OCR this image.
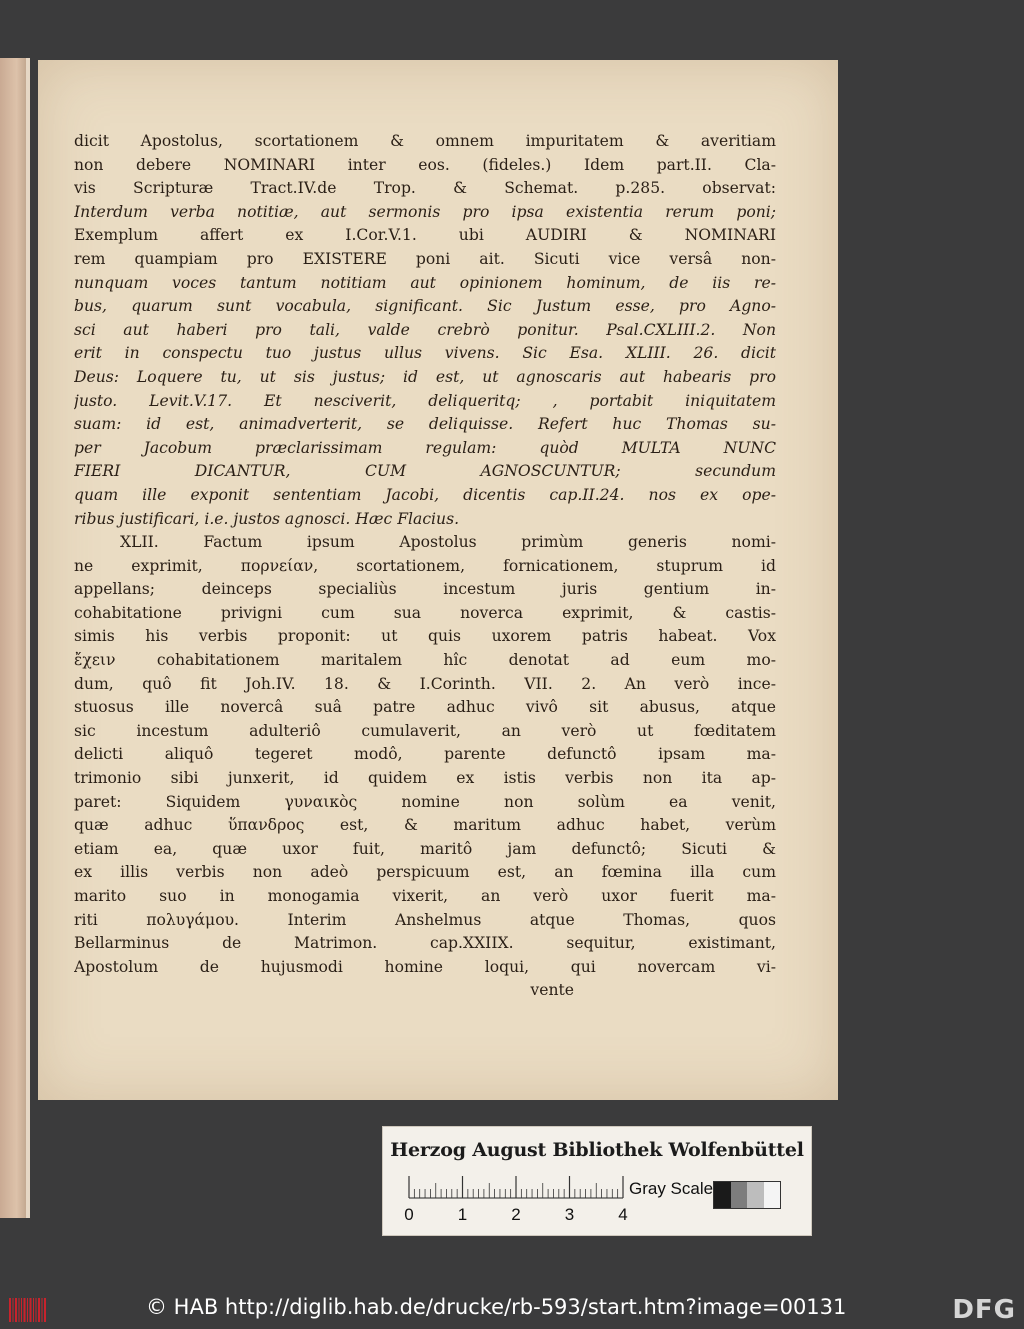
dicit Apostolus, scortationem & omnem impuritatem & averitiam
non debere NOMINARI inter eos. (fideles.) Idem part.II. Cla-
vis Scripturæ Tract.IV.de Trop. & Schemat. p.285. observat:
Interdum verba notitiæ, aut sermonis pro ipsa existentia rerum poni;
Exemplum affert ex I.Cor.V.1. ubi AUDIRI & NOMINARI
rem quampiam pro EXISTERE poni ait. Sicuti vice versâ non-
nunquam voces tantum notitiam aut opinionem hominum, de iis re-
bus, quarum sunt vocabula, significant. Sic Justum esse, pro Agno-
sci aut haberi pro tali, valde crebrò ponitur. Psal.CXLIII.2. Non
erit in conspectu tuo justus ullus vivens. Sic Esa. XLIII. 26. dicit
Deus: Loquere tu, ut sis justus; id est, ut agnoscaris aut habearis pro
justo. Levit.V.17. Et nesciverit, deliqueritq; , portabit iniquitatem
suam: id est, animadverterit, se deliquisse. Refert huc Thomas su-
per Jacobum præclarissimam regulam: quòd MULTA NUNC
FIERI DICANTUR, CUM AGNOSCUNTUR; secundum
quam ille exponit sententiam Jacobi, dicentis cap.II.24. nos ex ope-
ribus justificari, i.e. justos agnosci. Hæc Flacius.
XLII. Factum ipsum Apostolus primùm generis nomi-
ne exprimit, πορνείαν, scortationem, fornicationem, stuprum id
appellans; deinceps specialiùs incestum juris gentium in-
cohabitatione privigni cum sua noverca exprimit, & castis-
simis his verbis proponit: ut quis uxorem patris habeat. Vox
ἔχειν cohabitationem maritalem hîc denotat ad eum mo-
dum, quô fit Joh.IV. 18. & I.Corinth. VII. 2. An verò ince-
stuosus ille novercâ suâ patre adhuc vivô sit abusus, atque
sic incestum adulteriô cumulaverit, an verò ut fœditatem
delicti aliquô tegeret modô, parente defunctô ipsam ma-
trimonio sibi junxerit, id quidem ex istis verbis non ita ap-
paret: Siquidem γυναικὸς nomine non solùm ea venit,
quæ adhuc ὕπανδρος est, & maritum adhuc habet, verùm
etiam ea, quæ uxor fuit, maritô jam defunctô; Sicuti &
ex illis verbis non adeò perspicuum est, an fœmina illa cum
marito suo in monogamia vixerit, an verò uxor fuerit ma-
riti πολυγάμου. Interim Anshelmus atque Thomas, quos
Bellarminus de Matrimon. cap.XXIIX. sequitur, existimant,
Apostolum de hujusmodi homine loqui, qui novercam vi-
vente
Herzog August Bibliothek Wolfenbüttel
0	1	2	3	4
Gray Scale
© HAB http://diglib.hab.de/drucke/rb-593/start.htm?image=00131	DFG
